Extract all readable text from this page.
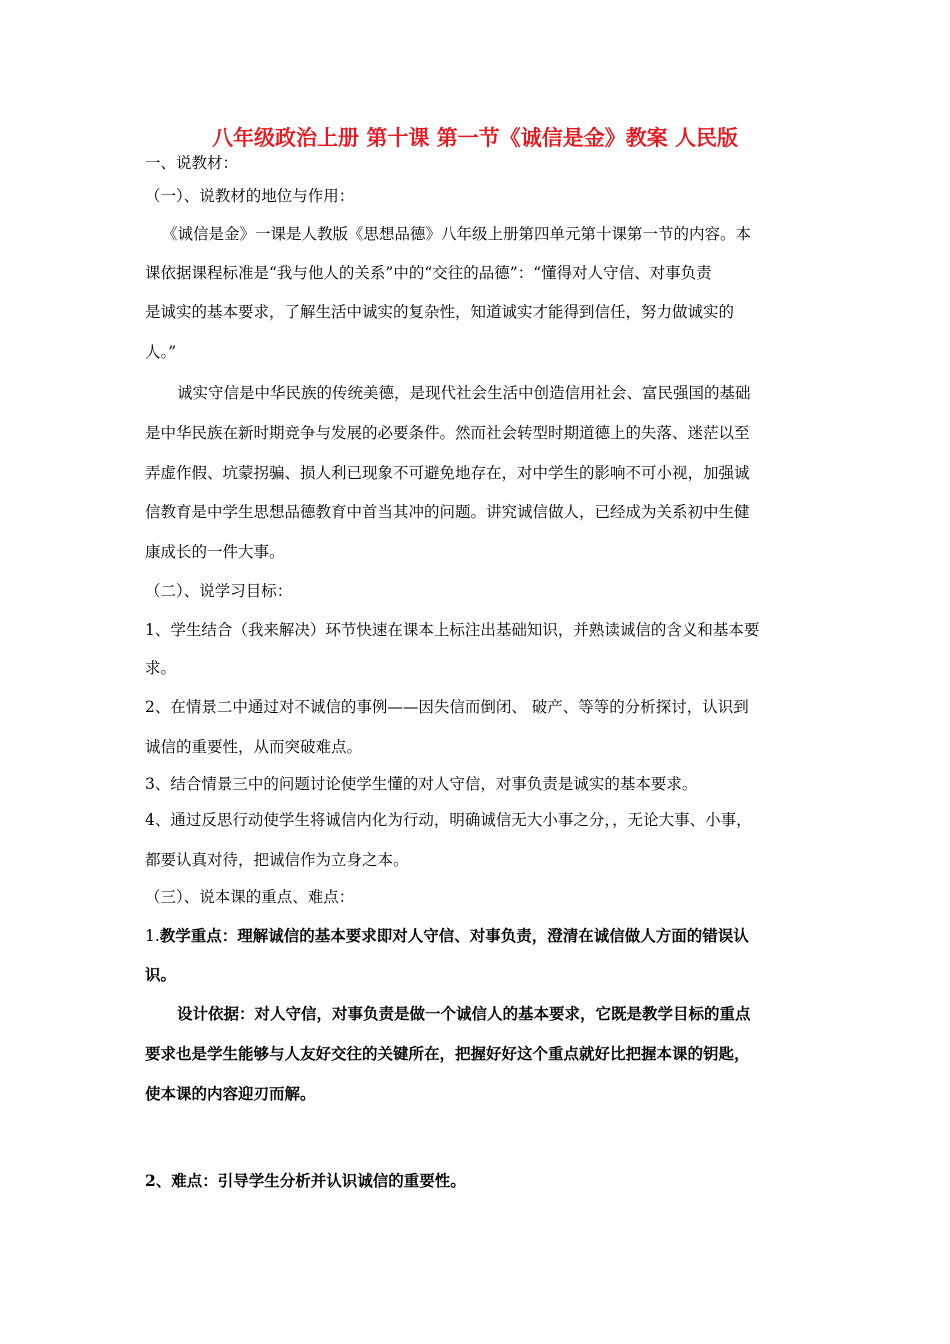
八年级政治上册 第十课 第一节《诚信是金》教案 人民版
一、说教材：
（一）、说教材的地位与作用：
《诚信是金》一课是人教版《思想品德》八年级上册第四单元第十课第一节的内容。本
课依据课程标准是“我与他人的关系”中的“交往的品德”：“懂得对人守信、对事负责
是诚实的基本要求，了解生活中诚实的复杂性，知道诚实才能得到信任，努力做诚实的
人。”
诚实守信是中华民族的传统美德，是现代社会生活中创造信用社会、富民强国的基础
是中华民族在新时期竞争与发展的必要条件。然而社会转型时期道德上的失落、迷茫以至
弄虚作假、坑蒙拐骗、损人利已现象不可避免地存在，对中学生的影响不可小视，加强诚
信教育是中学生思想品德教育中首当其冲的问题。讲究诚信做人，已经成为关系初中生健
康成长的一件大事。
（二）、说学习目标：
1、学生结合（我来解决）环节快速在课本上标注出基础知识，并熟读诚信的含义和基本要
求。
2、在情景二中通过对不诚信的事例——因失信而倒闭、 破产、等等的分析探讨，认识到
诚信的重要性，从而突破难点。
3、结合情景三中的问题讨论使学生懂的对人守信，对事负责是诚实的基本要求。
4、通过反思行动使学生将诚信内化为行动，明确诚信无大小事之分，，无论大事、小事，
都要认真对待，把诚信作为立身之本。
（三）、说本课的重点、难点：
1.教学重点：理解诚信的基本要求即对人守信、对事负责，澄清在诚信做人方面的错误认
识。
设计依据：对人守信，对事负责是做一个诚信人的基本要求，它既是教学目标的重点
要求也是学生能够与人友好交往的关键所在，把握好好这个重点就好比把握本课的钥匙，
使本课的内容迎刃而解。
2、难点：引导学生分析并认识诚信的重要性。
